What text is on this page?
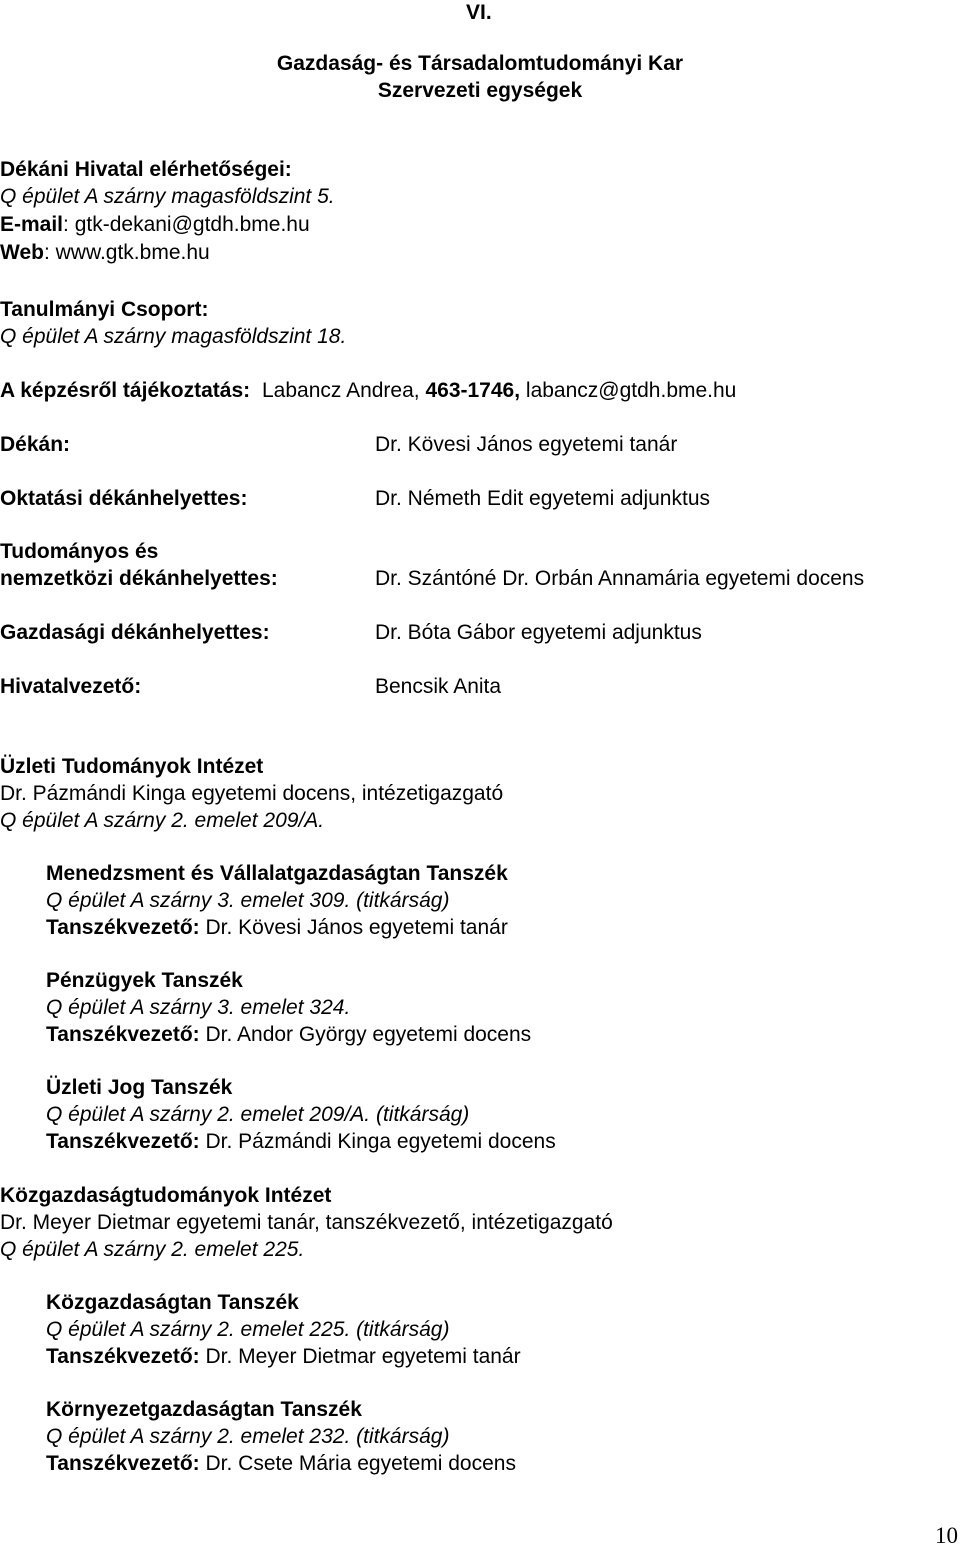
VI.
Gazdaság- és Társadalomtudományi Kar
Szervezeti egységek
Dékáni Hivatal elérhetőségei:
Q épület A szárny magasföldszint 5.
E-mail: gtk-dekani@gtdh.bme.hu
Web: www.gtk.bme.hu
Tanulmányi Csoport:
Q épület A szárny magasföldszint 18.
A képzésről tájékoztatás: Labancz Andrea, 463-1746, labancz@gtdh.bme.hu
Dékán:	Dr. Kövesi János egyetemi tanár
Oktatási dékánhelyettes:	Dr. Németh Edit egyetemi adjunktus
Tudományos és
nemzetközi dékánhelyettes:	Dr. Szántóné Dr. Orbán Annamária egyetemi docens
Gazdasági dékánhelyettes:	Dr. Bóta Gábor egyetemi adjunktus
Hivatalvezető:	Bencsik Anita
Üzleti Tudományok Intézet
Dr. Pázmándi Kinga egyetemi docens, intézetigazgató
Q épület A szárny 2. emelet 209/A.
Menedzsment és Vállalatgazdaságtan Tanszék
Q épület A szárny 3. emelet 309. (titkárság)
Tanszékvezető: Dr. Kövesi János egyetemi tanár
Pénzügyek Tanszék
Q épület A szárny 3. emelet 324.
Tanszékvezető: Dr. Andor György egyetemi docens
Üzleti Jog Tanszék
Q épület A szárny 2. emelet 209/A. (titkárság)
Tanszékvezető: Dr. Pázmándi Kinga egyetemi docens
Közgazdaságtudományok Intézet
Dr. Meyer Dietmar egyetemi tanár, tanszékvezető, intézetigazgató
Q épület A szárny 2. emelet 225.
Közgazdaságtan Tanszék
Q épület A szárny 2. emelet 225. (titkárság)
Tanszékvezető: Dr. Meyer Dietmar egyetemi tanár
Környezetgazdaságtan Tanszék
Q épület A szárny 2. emelet 232. (titkárság)
Tanszékvezető: Dr. Csete Mária egyetemi docens
10
